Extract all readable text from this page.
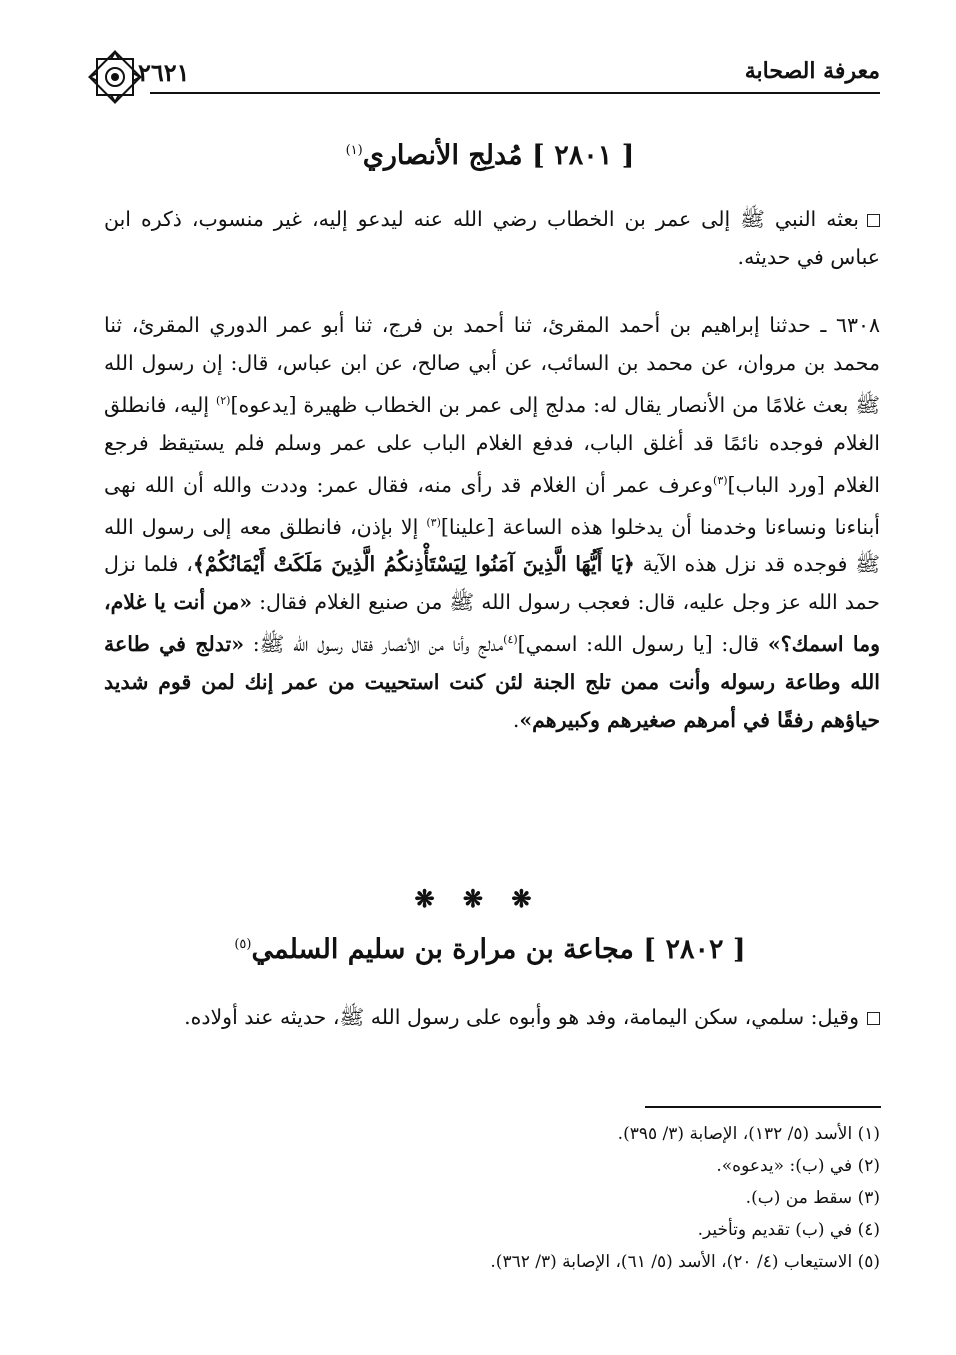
٢٦٢١	معرفة الصحابة
[ ٢٨٠١ ] مُدلِج الأنصاري$^{(١)}$

بعثه النبي ﷺ إلى عمر بن الخطاب رضي الله عنه ليدعو إليه، غير منسوب، ذكره ابن عباس في حديثه.

٦٣٠٨ ـ حدثنا إبراهيم بن أحمد المقرئ، ثنا أحمد بن فرج، ثنا أبو عمر الدوري المقرئ، ثنا محمد بن مروان، عن محمد بن السائب، عن أبي صالح، عن ابن عباس، قال: إن رسول الله ﷺ بعث غلامًا من الأنصار يقال له: مدلج إلى عمر بن الخطاب ظهيرة [يدعوه]$^{(٢)}$ إليه، فانطلق الغلام فوجده نائمًا قد أغلق الباب، فدفع الغلام الباب على عمر وسلم فلم يستيقظ فرجع الغلام [ورد الباب]$^{(٣)}$وعرف عمر أن الغلام قد رأى منه، فقال عمر: وددت والله أن الله نهى أبناءنا ونساءنا وخدمنا أن يدخلوا هذه الساعة [علينا]$^{(٣)}$ إلا بإذن، فانطلق معه إلى رسول الله ﷺ فوجده قد نزل هذه الآية ﴿يَا أَيُّهَا الَّذِينَ آمَنُوا لِيَسْتَأْذِنكُمُ الَّذِينَ مَلَكَتْ أَيْمَانُكُمْ﴾، فلما نزل حمد الله عز وجل عليه، قال: فعجب رسول الله ﷺ من صنيع الغلام فقال: «من أنت يا غلام، وما اسمك؟» قال: [يا رسول الله: اسمي]$^{(٤)}$مدلج وأنا من الأنصار فقال رسول الله ﷺ: «تدلج في طاعة الله وطاعة رسوله وأنت ممن تلج الجنة لئن كنت استحييت من عمر إنك لمن قوم شديد حياؤهم رفقًا في أمرهم صغيرهم وكبيرهم».

❋ ❋ ❋
[ ٢٨٠٢ ] مجاعة بن مرارة بن سليم السلمي$^{(٥)}$

وقيل: سلمي، سكن اليمامة، وفد هو وأبوه على رسول الله ﷺ، حديثه عند أولاده.

(١) الأسد (٥/ ١٣٢)، الإصابة (٣/ ٣٩٥).
(٢) في (ب): «يدعوه».
(٣) سقط من (ب).
(٤) في (ب) تقديم وتأخير.
(٥) الاستيعاب (٤/ ٢٠)، الأسد (٥/ ٦١)، الإصابة (٣/ ٣٦٢).
